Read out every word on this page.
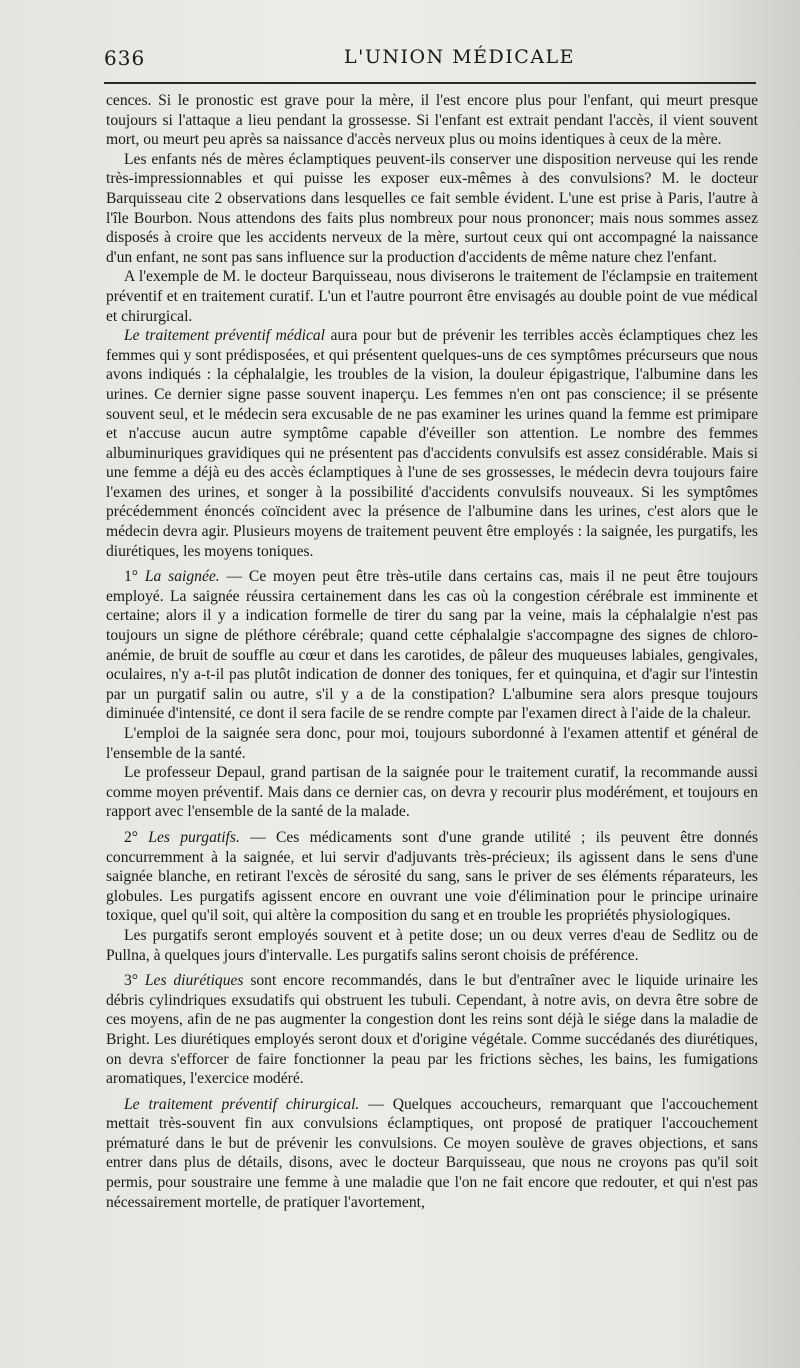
636	L'UNION MÉDICALE

cences. Si le pronostic est grave pour la mère, il l'est encore plus pour l'enfant, qui meurt presque toujours si l'attaque a lieu pendant la grossesse. Si l'enfant est extrait pendant l'accès, il vient souvent mort, ou meurt peu après sa naissance d'accès nerveux plus ou moins identiques à ceux de la mère.

Les enfants nés de mères éclamptiques peuvent-ils conserver une disposition nerveuse qui les rende très-impressionnables et qui puisse les exposer eux-mêmes à des convulsions? M. le docteur Barquisseau cite 2 observations dans lesquelles ce fait semble évident. L'une est prise à Paris, l'autre à l'île Bourbon. Nous attendons des faits plus nombreux pour nous prononcer; mais nous sommes assez disposés à croire que les accidents nerveux de la mère, surtout ceux qui ont accompagné la naissance d'un enfant, ne sont pas sans influence sur la production d'accidents de même nature chez l'enfant.

A l'exemple de M. le docteur Barquisseau, nous diviserons le traitement de l'éclampsie en traitement préventif et en traitement curatif. L'un et l'autre pourront être envisagés au double point de vue médical et chirurgical.

Le traitement préventif médical aura pour but de prévenir les terribles accès éclamptiques chez les femmes qui y sont prédisposées, et qui présentent quelques-uns de ces symptômes précurseurs que nous avons indiqués : la céphalalgie, les troubles de la vision, la douleur épigastrique, l'albumine dans les urines. Ce dernier signe passe souvent inaperçu. Les femmes n'en ont pas conscience; il se présente souvent seul, et le médecin sera excusable de ne pas examiner les urines quand la femme est primipare et n'accuse aucun autre symptôme capable d'éveiller son attention. Le nombre des femmes albuminuriques gravidiques qui ne présentent pas d'accidents convulsifs est assez considérable. Mais si une femme a déjà eu des accès éclamptiques à l'une de ses grossesses, le médecin devra toujours faire l'examen des urines, et songer à la possibilité d'accidents convulsifs nouveaux. Si les symptômes précédemment énoncés coïncident avec la présence de l'albumine dans les urines, c'est alors que le médecin devra agir. Plusieurs moyens de traitement peuvent être employés : la saignée, les purgatifs, les diurétiques, les moyens toniques.

1° La saignée. — Ce moyen peut être très-utile dans certains cas, mais il ne peut être toujours employé. La saignée réussira certainement dans les cas où la congestion cérébrale est imminente et certaine; alors il y a indication formelle de tirer du sang par la veine, mais la céphalalgie n'est pas toujours un signe de pléthore cérébrale; quand cette céphalalgie s'accompagne des signes de chloro-anémie, de bruit de souffle au cœur et dans les carotides, de pâleur des muqueuses labiales, gengivales, oculaires, n'y a-t-il pas plutôt indication de donner des toniques, fer et quinquina, et d'agir sur l'intestin par un purgatif salin ou autre, s'il y a de la constipation? L'albumine sera alors presque toujours diminuée d'intensité, ce dont il sera facile de se rendre compte par l'examen direct à l'aide de la chaleur.

L'emploi de la saignée sera donc, pour moi, toujours subordonné à l'examen attentif et général de l'ensemble de la santé.

Le professeur Depaul, grand partisan de la saignée pour le traitement curatif, la recommande aussi comme moyen préventif. Mais dans ce dernier cas, on devra y recourir plus modérément, et toujours en rapport avec l'ensemble de la santé de la malade.

2° Les purgatifs. — Ces médicaments sont d'une grande utilité ; ils peuvent être donnés concurremment à la saignée, et lui servir d'adjuvants très-précieux; ils agissent dans le sens d'une saignée blanche, en retirant l'excès de sérosité du sang, sans le priver de ses éléments réparateurs, les globules. Les purgatifs agissent encore en ouvrant une voie d'élimination pour le principe urinaire toxique, quel qu'il soit, qui altère la composition du sang et en trouble les propriétés physiologiques.

Les purgatifs seront employés souvent et à petite dose; un ou deux verres d'eau de Sedlitz ou de Pullna, à quelques jours d'intervalle. Les purgatifs salins seront choisis de préférence.

3° Les diurétiques sont encore recommandés, dans le but d'entraîner avec le liquide urinaire les débris cylindriques exsudatifs qui obstruent les tubuli. Cependant, à notre avis, on devra être sobre de ces moyens, afin de ne pas augmenter la congestion dont les reins sont déjà le siége dans la maladie de Bright. Les diurétiques employés seront doux et d'origine végétale. Comme succédanés des diurétiques, on devra s'efforcer de faire fonctionner la peau par les frictions sèches, les bains, les fumigations aromatiques, l'exercice modéré.

Le traitement préventif chirurgical. — Quelques accoucheurs, remarquant que l'accouchement mettait très-souvent fin aux convulsions éclamptiques, ont proposé de pratiquer l'accouchement prématuré dans le but de prévenir les convulsions. Ce moyen soulève de graves objections, et sans entrer dans plus de détails, disons, avec le docteur Barquisseau, que nous ne croyons pas qu'il soit permis, pour soustraire une femme à une maladie que l'on ne fait encore que redouter, et qui n'est pas nécessairement mortelle, de pratiquer l'avortement,
